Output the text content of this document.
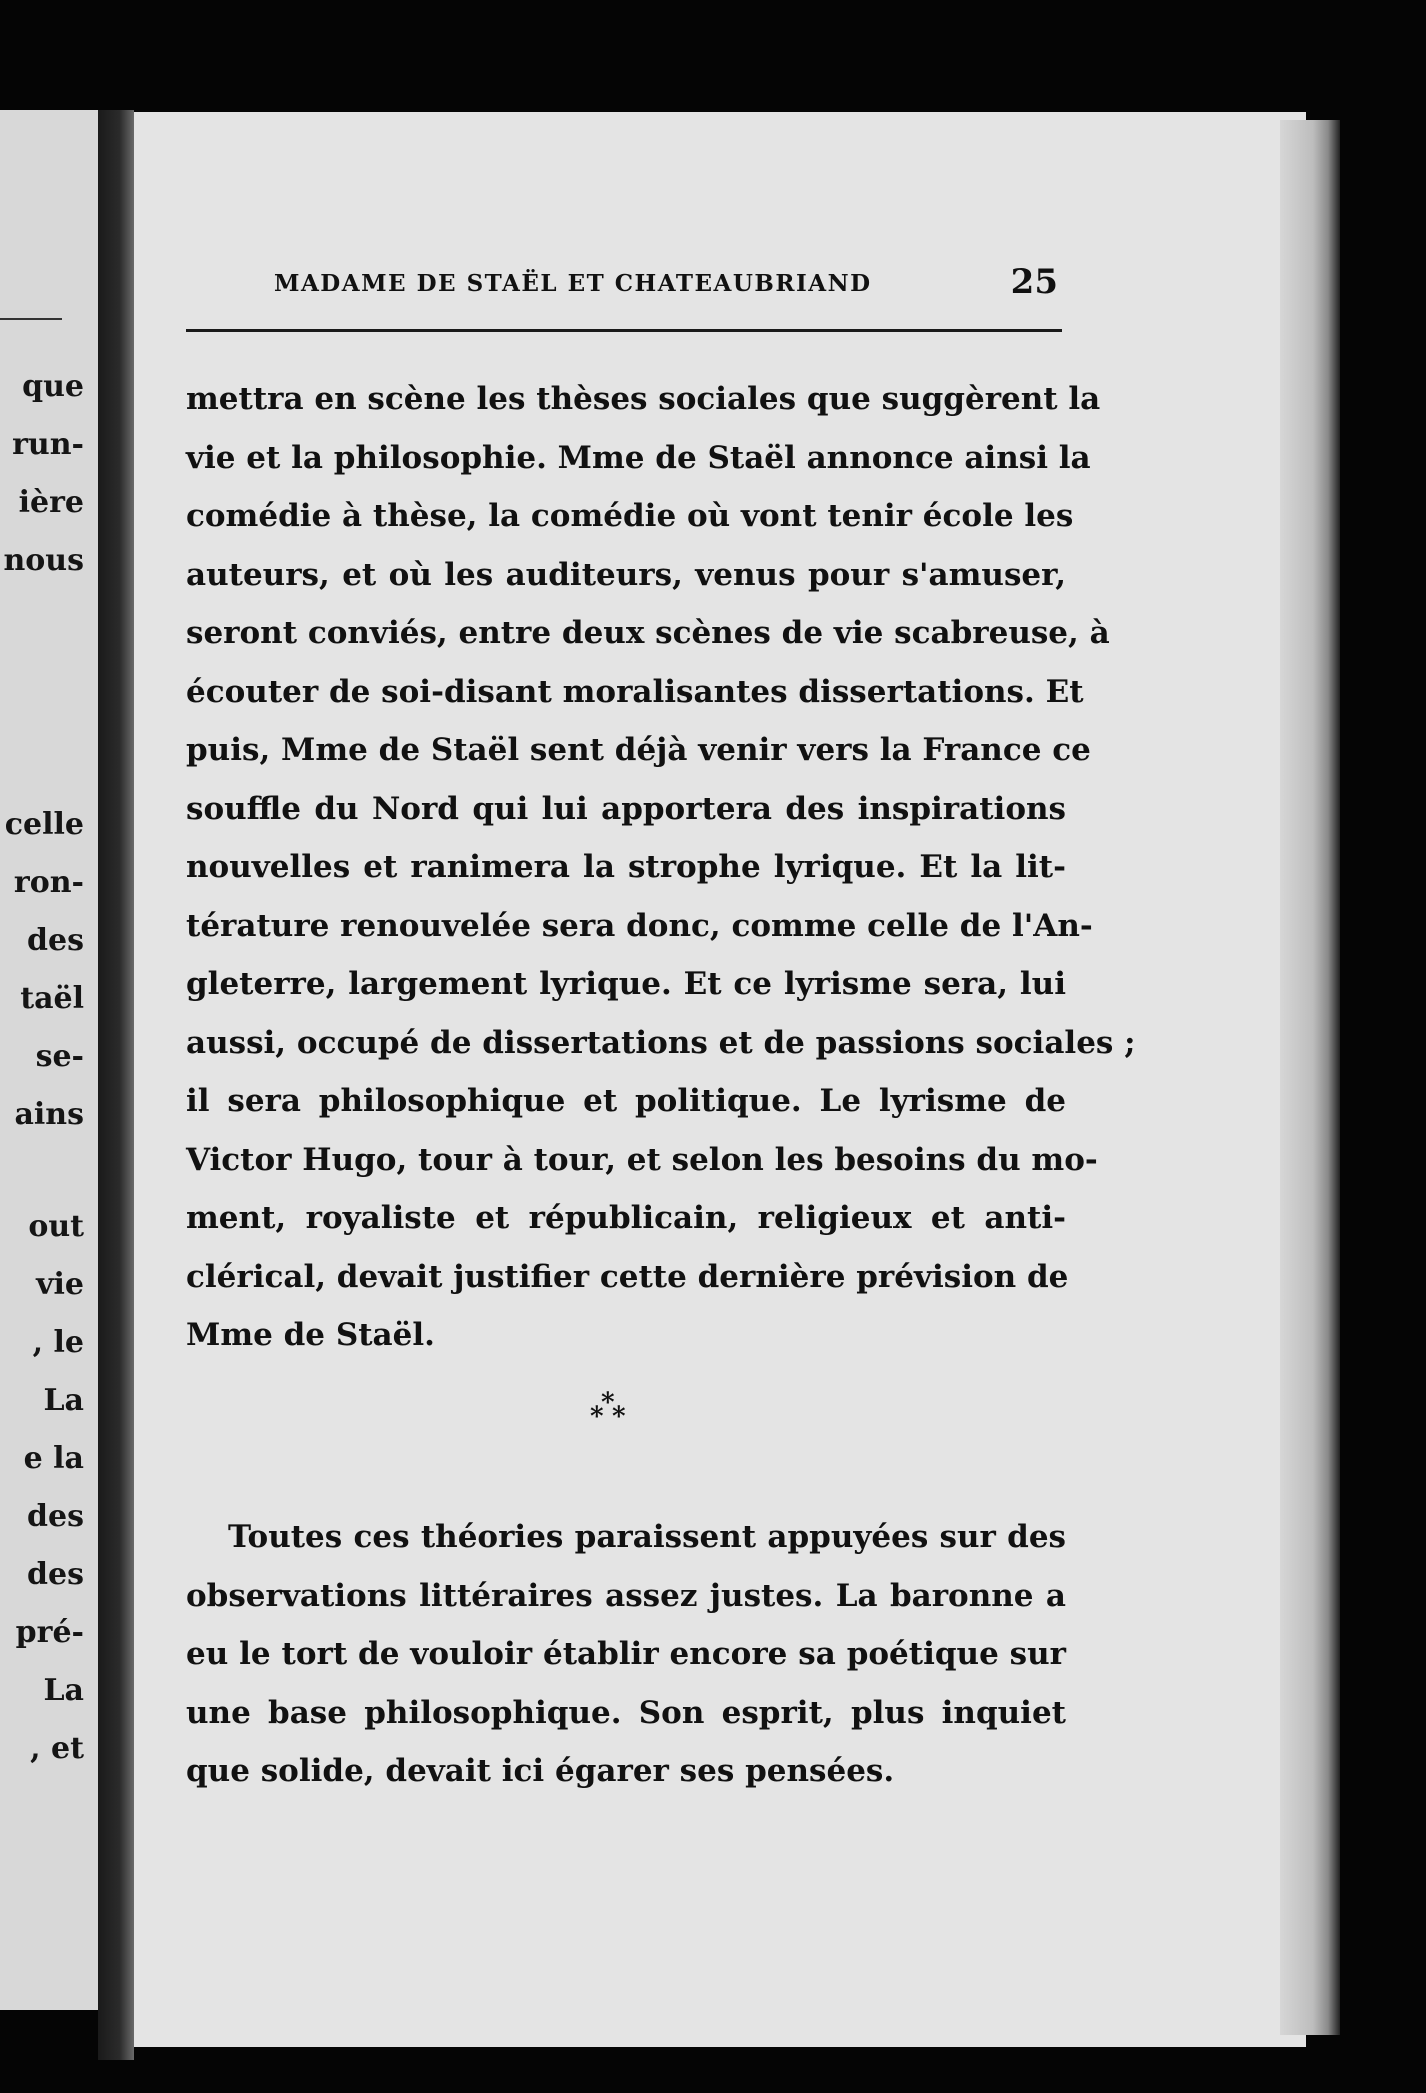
que
run-
ière
nous
celle
ron-
des
taël
se-
ains
out
vie
, le
La
e la
des
des
pré-
La
, et
MADAME DE STAËL ET CHATEAUBRIAND	25
mettra en scène les thèses sociales que suggèrent la
vie et la philosophie. Mme de Staël annonce ainsi la
comédie à thèse, la comédie où vont tenir école les
auteurs, et où les auditeurs, venus pour s'amuser,
seront conviés, entre deux scènes de vie scabreuse, à
écouter de soi-disant moralisantes dissertations. Et
puis, Mme de Staël sent déjà venir vers la France ce
souffle du Nord qui lui apportera des inspirations
nouvelles et ranimera la strophe lyrique. Et la lit-
térature renouvelée sera donc, comme celle de l'An-
gleterre, largement lyrique. Et ce lyrisme sera, lui
aussi, occupé de dissertations et de passions sociales ;
il sera philosophique et politique. Le lyrisme de
Victor Hugo, tour à tour, et selon les besoins du mo-
ment, royaliste et républicain, religieux et anti-
clérical, devait justifier cette dernière prévision de
Mme de Staël.
*
*
*
Toutes ces théories paraissent appuyées sur des
observations littéraires assez justes. La baronne a
eu le tort de vouloir établir encore sa poétique sur
une base philosophique. Son esprit, plus inquiet
que solide, devait ici égarer ses pensées.
